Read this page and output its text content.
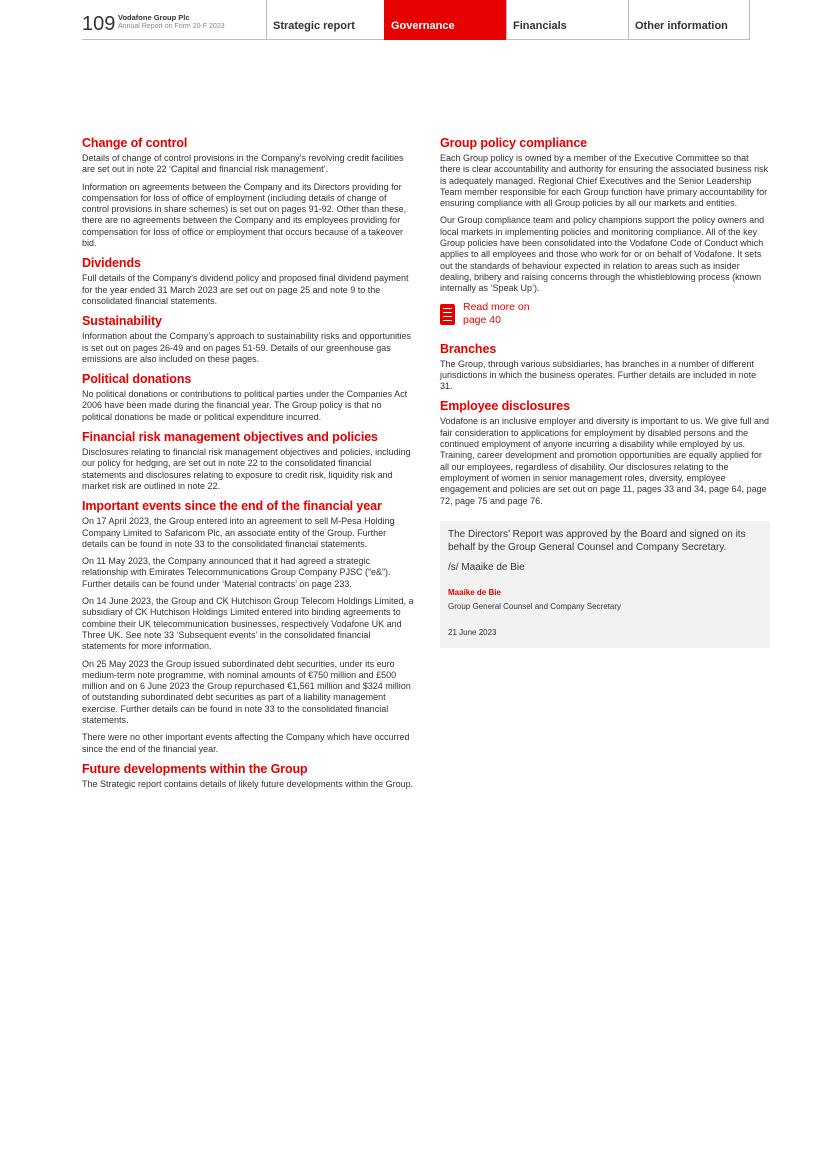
109 Vodafone Group Plc
Annual Report on Form 20-F 2023	Strategic report	Governance	Financials	Other information
Change of control

Details of change of control provisions in the Company’s revolving credit facilities are set out in note 22 ‘Capital and financial risk management’.

Information on agreements between the Company and its Directors providing for compensation for loss of office of employment (including details of change of control provisions in share schemes) is set out on pages 91-92. Other than these, there are no agreements between the Company and its employees providing for compensation for loss of office or employment that occurs because of a takeover bid.

Dividends

Full details of the Company’s dividend policy and proposed final dividend payment for the year ended 31 March 2023 are set out on page 25 and note 9 to the consolidated financial statements.

Sustainability

Information about the Company’s approach to sustainability risks and opportunities is set out on pages 26-49 and on pages 51-59. Details of our greenhouse gas emissions are also included on these pages.

Political donations

No political donations or contributions to political parties under the Companies Act 2006 have been made during the financial year. The Group policy is that no political donations be made or political expenditure incurred.

Financial risk management objectives and policies

Disclosures relating to financial risk management objectives and policies, including our policy for hedging, are set out in note 22 to the consolidated financial statements and disclosures relating to exposure to credit risk, liquidity risk and market risk are outlined in note 22.

Important events since the end of the financial year

On 17 April 2023, the Group entered into an agreement to sell M-Pesa Holding Company Limited to Safaricom Plc, an associate entity of the Group. Further details can be found in note 33 to the consolidated financial statements.

On 11 May 2023, the Company announced that it had agreed a strategic relationship with Emirates Telecommunications Group Company PJSC (“e&”). Further details can be found under ‘Material contracts’ on page 233.

On 14 June 2023, the Group and CK Hutchison Group Telecom Holdings Limited, a subsidiary of CK Hutchison Holdings Limited entered into binding agreements to combine their UK telecommunication businesses, respectively Vodafone UK and Three UK. See note 33 ‘Subsequent events’ in the consolidated financial statements for more information.

On 25 May 2023 the Group issued subordinated debt securities, under its euro medium-term note programme, with nominal amounts of €750 million and £500 million and on 6 June 2023 the Group repurchased €1,561 million and $324 million of outstanding subordinated debt securities as part of a liability management exercise. Further details can be found in note 33 to the consolidated financial statements.

There were no other important events affecting the Company which have occurred since the end of the financial year.

Future developments within the Group

The Strategic report contains details of likely future developments within the Group.

Group policy compliance

Each Group policy is owned by a member of the Executive Committee so that there is clear accountability and authority for ensuring the associated business risk is adequately managed. Regional Chief Executives and the Senior Leadership Team member responsible for each Group function have primary accountability for ensuring compliance with all Group policies by all our markets and entities.

Our Group compliance team and policy champions support the policy owners and local markets in implementing policies and monitoring compliance. All of the key Group policies have been consolidated into the Vodafone Code of Conduct which applies to all employees and those who work for or on behalf of Vodafone. It sets out the standards of behaviour expected in relation to areas such as insider dealing, bribery and raising concerns through the whistleblowing process (known internally as ‘Speak Up’).

Read more on
page 40
Branches

The Group, through various subsidiaries, has branches in a number of different jurisdictions in which the business operates. Further details are included in note 31.

Employee disclosures

Vodafone is an inclusive employer and diversity is important to us. We give full and fair consideration to applications for employment by disabled persons and the continued employment of anyone incurring a disability while employed by us. Training, career development and promotion opportunities are equally applied for all our employees, regardless of disability. Our disclosures relating to the employment of women in senior management roles, diversity, employee engagement and policies are set out on page 11, pages 33 and 34, page 64, page 72, page 75 and page 76.

The Directors’ Report was approved by the Board and signed on its behalf by the Group General Counsel and Company Secretary.
/s/ Maaike de Bie
Maaike de Bie
Group General Counsel and Company Secretary
21 June 2023
